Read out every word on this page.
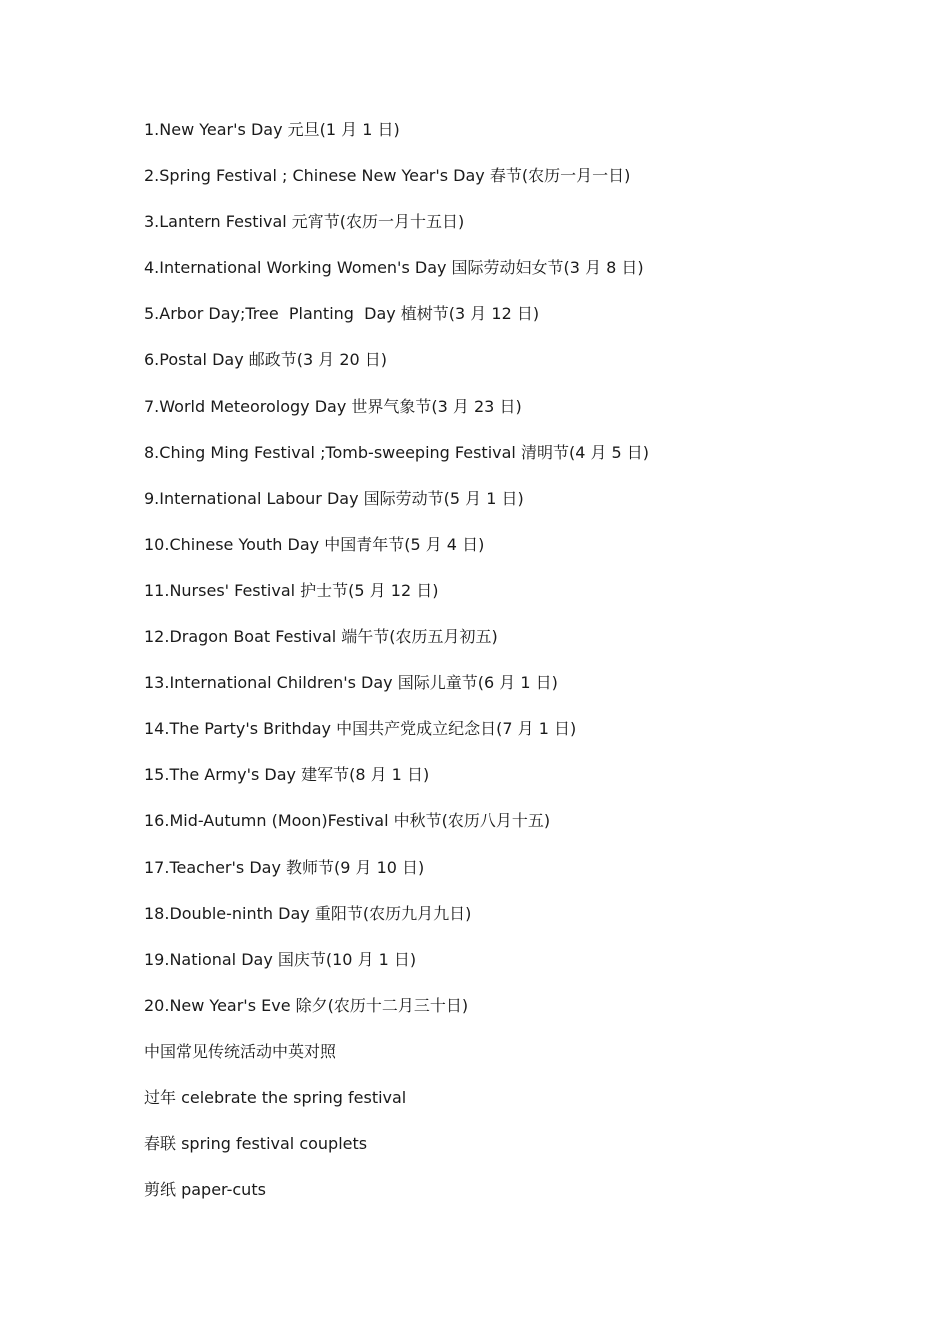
1.New Year's Day 元旦(1 月 1 日)
2.Spring Festival ; Chinese New Year's Day 春节(农历一月一日)
3.Lantern Festival 元宵节(农历一月十五日)
4.International Working Women's Day 国际劳动妇女节(3 月 8 日)
5.Arbor Day;Tree  Planting  Day 植树节(3 月 12 日)
6.Postal Day 邮政节(3 月 20 日)
7.World Meteorology Day 世界气象节(3 月 23 日)
8.Ching Ming Festival ;Tomb-sweeping Festival 清明节(4 月 5 日)
9.International Labour Day 国际劳动节(5 月 1 日)
10.Chinese Youth Day 中国青年节(5 月 4 日)
11.Nurses' Festival 护士节(5 月 12 日)
12.Dragon Boat Festival 端午节(农历五月初五)
13.International Children's Day 国际儿童节(6 月 1 日)
14.The Party's Brithday 中国共产党成立纪念日(7 月 1 日)
15.The Army's Day 建军节(8 月 1 日)
16.Mid-Autumn (Moon)Festival 中秋节(农历八月十五)
17.Teacher's Day 教师节(9 月 10 日)
18.Double-ninth Day 重阳节(农历九月九日)
19.National Day 国庆节(10 月 1 日)
20.New Year's Eve 除夕(农历十二月三十日)
中国常见传统活动中英对照
过年 celebrate the spring festival
春联 spring festival couplets
剪纸 paper-cuts
